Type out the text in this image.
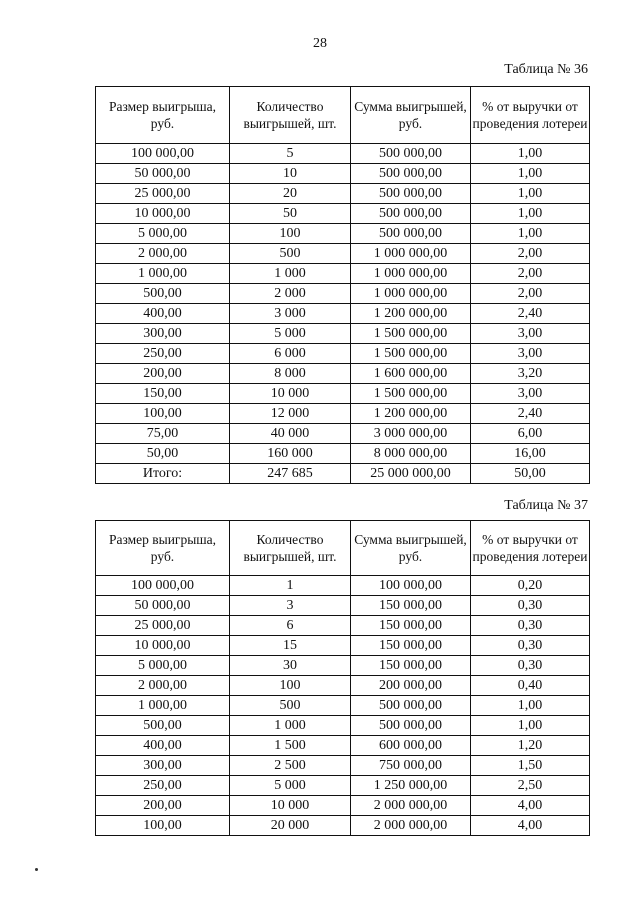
28
Таблица № 36
Размер выигрыша, руб.	Количество выигрышей, шт.	Сумма выигрышей, руб.	% от выручки от проведения лотереи
100 000,00	5	500 000,00	1,00
50 000,00	10	500 000,00	1,00
25 000,00	20	500 000,00	1,00
10 000,00	50	500 000,00	1,00
5 000,00	100	500 000,00	1,00
2 000,00	500	1 000 000,00	2,00
1 000,00	1 000	1 000 000,00	2,00
500,00	2 000	1 000 000,00	2,00
400,00	3 000	1 200 000,00	2,40
300,00	5 000	1 500 000,00	3,00
250,00	6 000	1 500 000,00	3,00
200,00	8 000	1 600 000,00	3,20
150,00	10 000	1 500 000,00	3,00
100,00	12 000	1 200 000,00	2,40
75,00	40 000	3 000 000,00	6,00
50,00	160 000	8 000 000,00	16,00
Итого:	247 685	25 000 000,00	50,00
Таблица № 37
Размер выигрыша, руб.	Количество выигрышей, шт.	Сумма выигрышей, руб.	% от выручки от проведения лотереи
100 000,00	1	100 000,00	0,20
50 000,00	3	150 000,00	0,30
25 000,00	6	150 000,00	0,30
10 000,00	15	150 000,00	0,30
5 000,00	30	150 000,00	0,30
2 000,00	100	200 000,00	0,40
1 000,00	500	500 000,00	1,00
500,00	1 000	500 000,00	1,00
400,00	1 500	600 000,00	1,20
300,00	2 500	750 000,00	1,50
250,00	5 000	1 250 000,00	2,50
200,00	10 000	2 000 000,00	4,00
100,00	20 000	2 000 000,00	4,00
